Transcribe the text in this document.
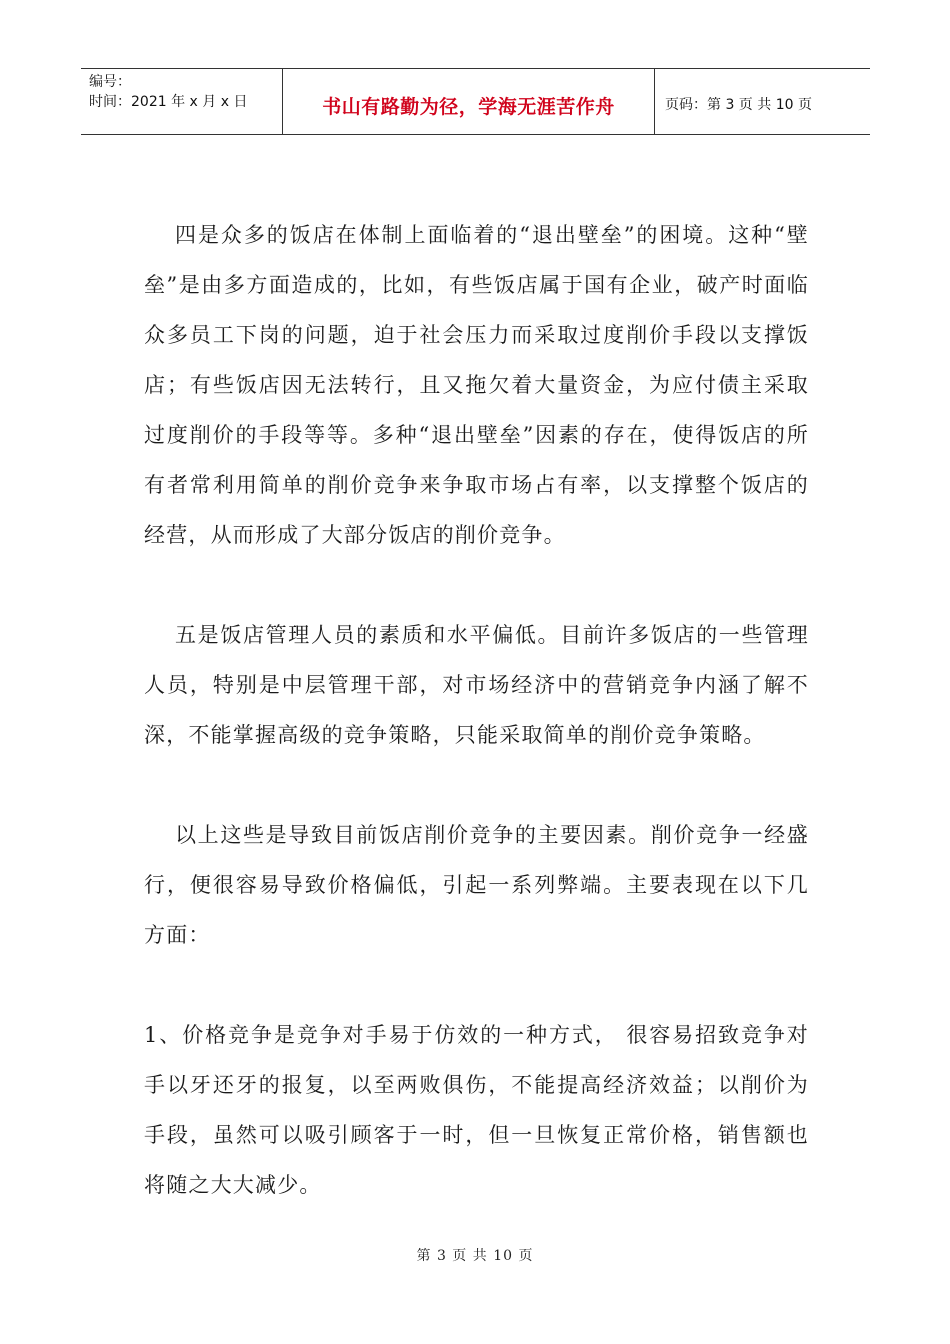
编号：
时间：2021 年 x 月 x 日	书山有路勤为径，学海无涯苦作舟	页码：第 3 页 共 10 页

四是众多的饭店在体制上面临着的“退出壁垒”的困境。这种“壁垒”是由多方面造成的，比如，有些饭店属于国有企业，破产时面临众多员工下岗的问题，迫于社会压力而采取过度削价手段以支撑饭店；有些饭店因无法转行，且又拖欠着大量资金，为应付债主采取过度削价的手段等等。多种“退出壁垒”因素的存在，使得饭店的所有者常利用简单的削价竞争来争取市场占有率，以支撑整个饭店的经营，从而形成了大部分饭店的削价竞争。

五是饭店管理人员的素质和水平偏低。目前许多饭店的一些管理人员，特别是中层管理干部，对市场经济中的营销竞争内涵了解不深，不能掌握高级的竞争策略，只能采取简单的削价竞争策略。

以上这些是导致目前饭店削价竞争的主要因素。削价竞争一经盛行，便很容易导致价格偏低，引起一系列弊端。主要表现在以下几方面：

1、价格竞争是竞争对手易于仿效的一种方式， 很容易招致竞争对手以牙还牙的报复，以至两败俱伤，不能提高经济效益；以削价为手段，虽然可以吸引顾客于一时，但一旦恢复正常价格，销售额也将随之大大减少。

第 3 页 共 10 页
